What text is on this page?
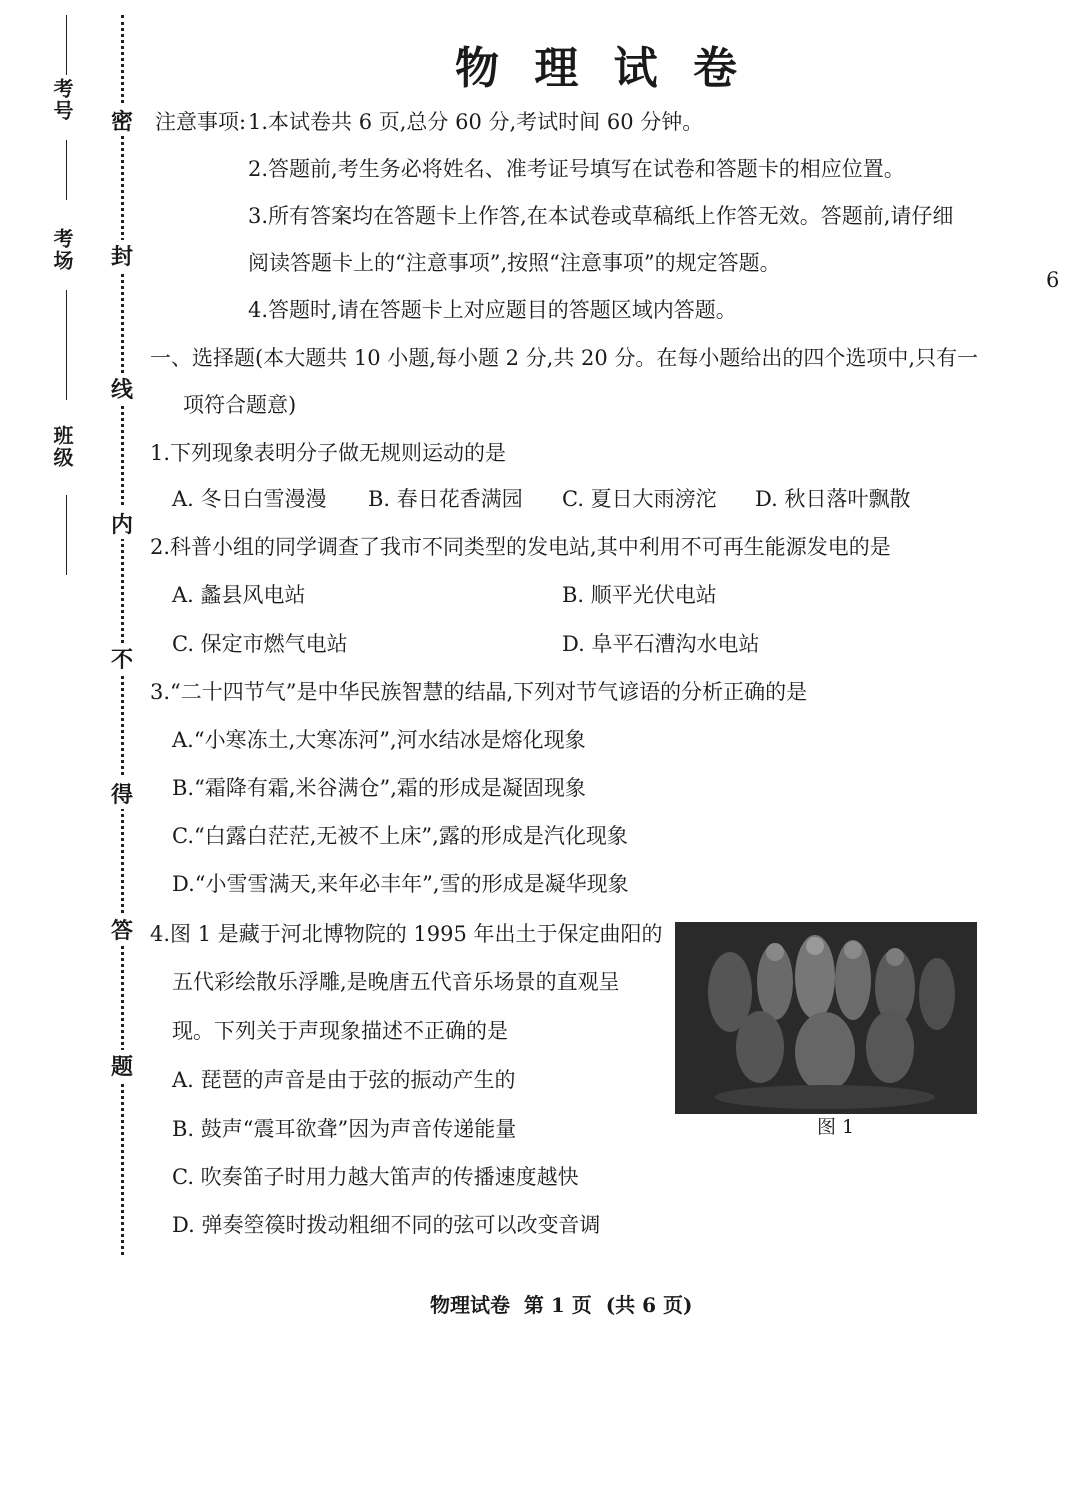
考号
考场
班级
密
封
线
内
不
得
答
题
6
物 理 试 卷
注意事项: 1.本试卷共 6 页,总分 60 分,考试时间 60 分钟。
2.答题前,考生务必将姓名、准考证号填写在试卷和答题卡的相应位置。
3.所有答案均在答题卡上作答,在本试卷或草稿纸上作答无效。答题前,请仔细
阅读答题卡上的“注意事项”,按照“注意事项”的规定答题。
4.答题时,请在答题卡上对应题目的答题区域内答题。
一、选择题(本大题共 10 小题,每小题 2 分,共 20 分。在每小题给出的四个选项中,只有一
项符合题意)
1.下列现象表明分子做无规则运动的是
A. 冬日白雪漫漫 B. 春日花香满园 C. 夏日大雨滂沱 D. 秋日落叶飘散
2.科普小组的同学调查了我市不同类型的发电站,其中利用不可再生能源发电的是
A. 蠡县风电站	B. 顺平光伏电站
C. 保定市燃气电站	D. 阜平石漕沟水电站
3.“二十四节气”是中华民族智慧的结晶,下列对节气谚语的分析正确的是
A.“小寒冻土,大寒冻河”,河水结冰是熔化现象
B.“霜降有霜,米谷满仓”,霜的形成是凝固现象
C.“白露白茫茫,无被不上床”,露的形成是汽化现象
D.“小雪雪满天,来年必丰年”,雪的形成是凝华现象
4.图 1 是藏于河北博物院的 1995 年出土于保定曲阳的
五代彩绘散乐浮雕,是晚唐五代音乐场景的直观呈
现。下列关于声现象描述不正确的是
A. 琵琶的声音是由于弦的振动产生的
B. 鼓声“震耳欲聋”因为声音传递能量
C. 吹奏笛子时用力越大笛声的传播速度越快
D. 弹奏箜篌时拨动粗细不同的弦可以改变音调
图 1
物理试卷  第 1 页  (共 6 页)
